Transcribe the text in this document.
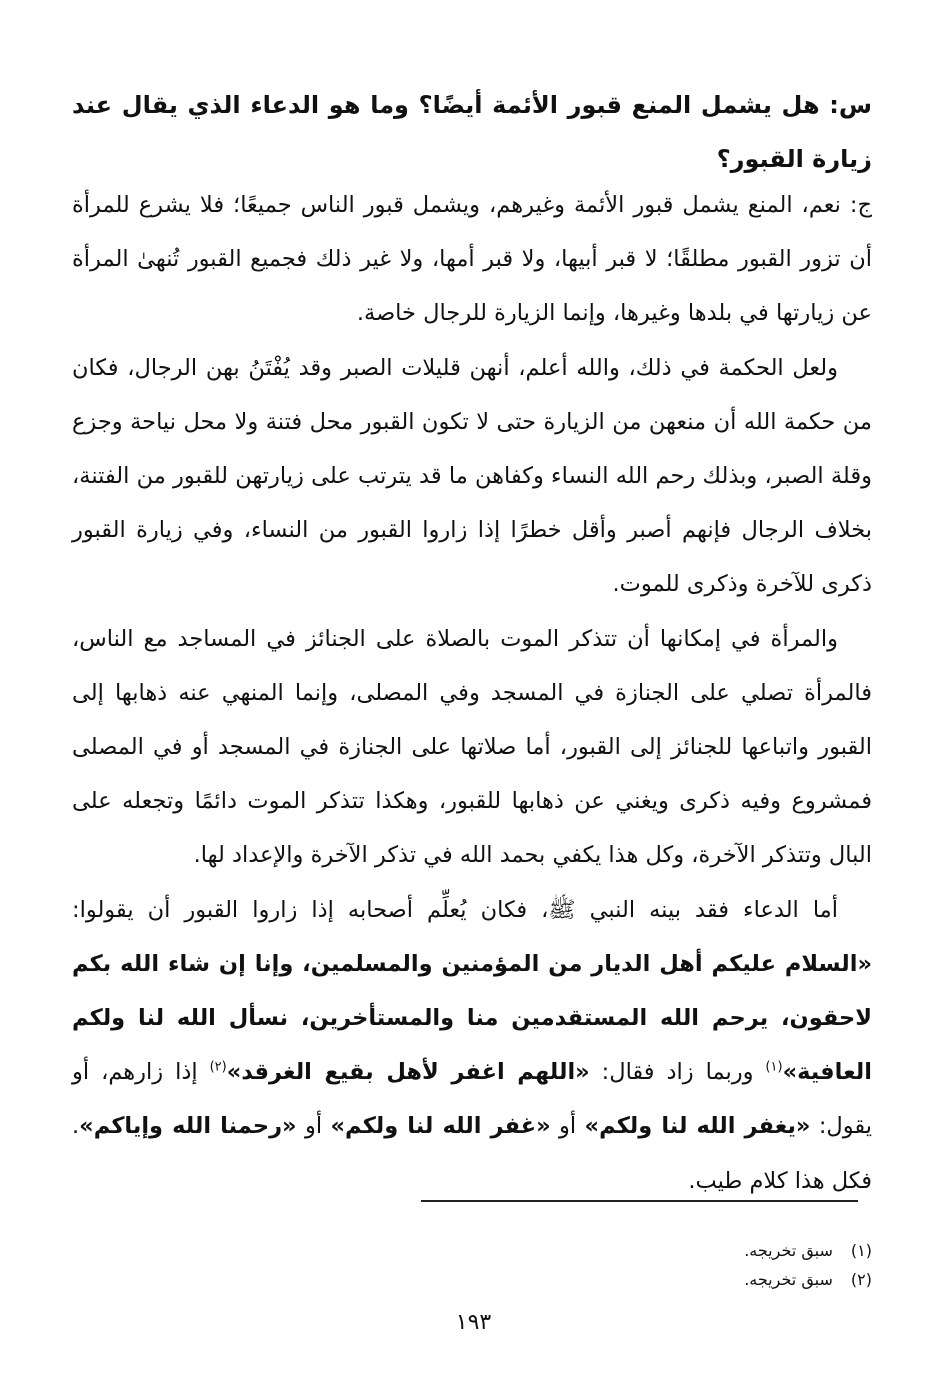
س: هل يشمل المنع قبور الأئمة أيضًا؟ وما هو الدعاء الذي يقال عند زيارة القبور؟

ج: نعم، المنع يشمل قبور الأئمة وغيرهم، ويشمل قبور الناس جميعًا؛ فلا يشرع للمرأة أن تزور القبور مطلقًا؛ لا قبر أبيها، ولا قبر أمها، ولا غير ذلك فجميع القبور تُنهىٰ المرأة عن زيارتها في بلدها وغيرها، وإنما الزيارة للرجال خاصة.

ولعل الحكمة في ذلك، والله أعلم، أنهن قليلات الصبر وقد يُفْتَنُ بهن الرجال، فكان من حكمة الله أن منعهن من الزيارة حتى لا تكون القبور محل فتنة ولا محل نياحة وجزع وقلة الصبر، وبذلك رحم الله النساء وكفاهن ما قد يترتب على زيارتهن للقبور من الفتنة، بخلاف الرجال فإنهم أصبر وأقل خطرًا إذا زاروا القبور من النساء، وفي زيارة القبور ذكرى للآخرة وذكرى للموت.

والمرأة في إمكانها أن تتذكر الموت بالصلاة على الجنائز في المساجد مع الناس، فالمرأة تصلي على الجنازة في المسجد وفي المصلى، وإنما المنهي عنه ذهابها إلى القبور واتباعها للجنائز إلى القبور، أما صلاتها على الجنازة في المسجد أو في المصلى فمشروع وفيه ذكرى ويغني عن ذهابها للقبور، وهكذا تتذكر الموت دائمًا وتجعله على البال وتتذكر الآخرة، وكل هذا يكفي بحمد الله في تذكر الآخرة والإعداد لها.

أما الدعاء فقد بينه النبي ﷺ، فكان يُعلِّم أصحابه إذا زاروا القبور أن يقولوا: «السلام عليكم أهل الديار من المؤمنين والمسلمين، وإنا إن شاء الله بكم لاحقون، يرحم الله المستقدمين منا والمستأخرين، نسأل الله لنا ولكم العافية»$^{(١)}$ وربما زاد فقال: «اللهم اغفر لأهل بقيع الغرقد»$^{(٢)}$ إذا زارهم، أو يقول: «يغفر الله لنا ولكم» أو «غفر الله لنا ولكم» أو «رحمنا الله وإياكم». فكل هذا كلام طيب.

(١)سبق تخريجه.
(٢)سبق تخريجه.
١٩٣
